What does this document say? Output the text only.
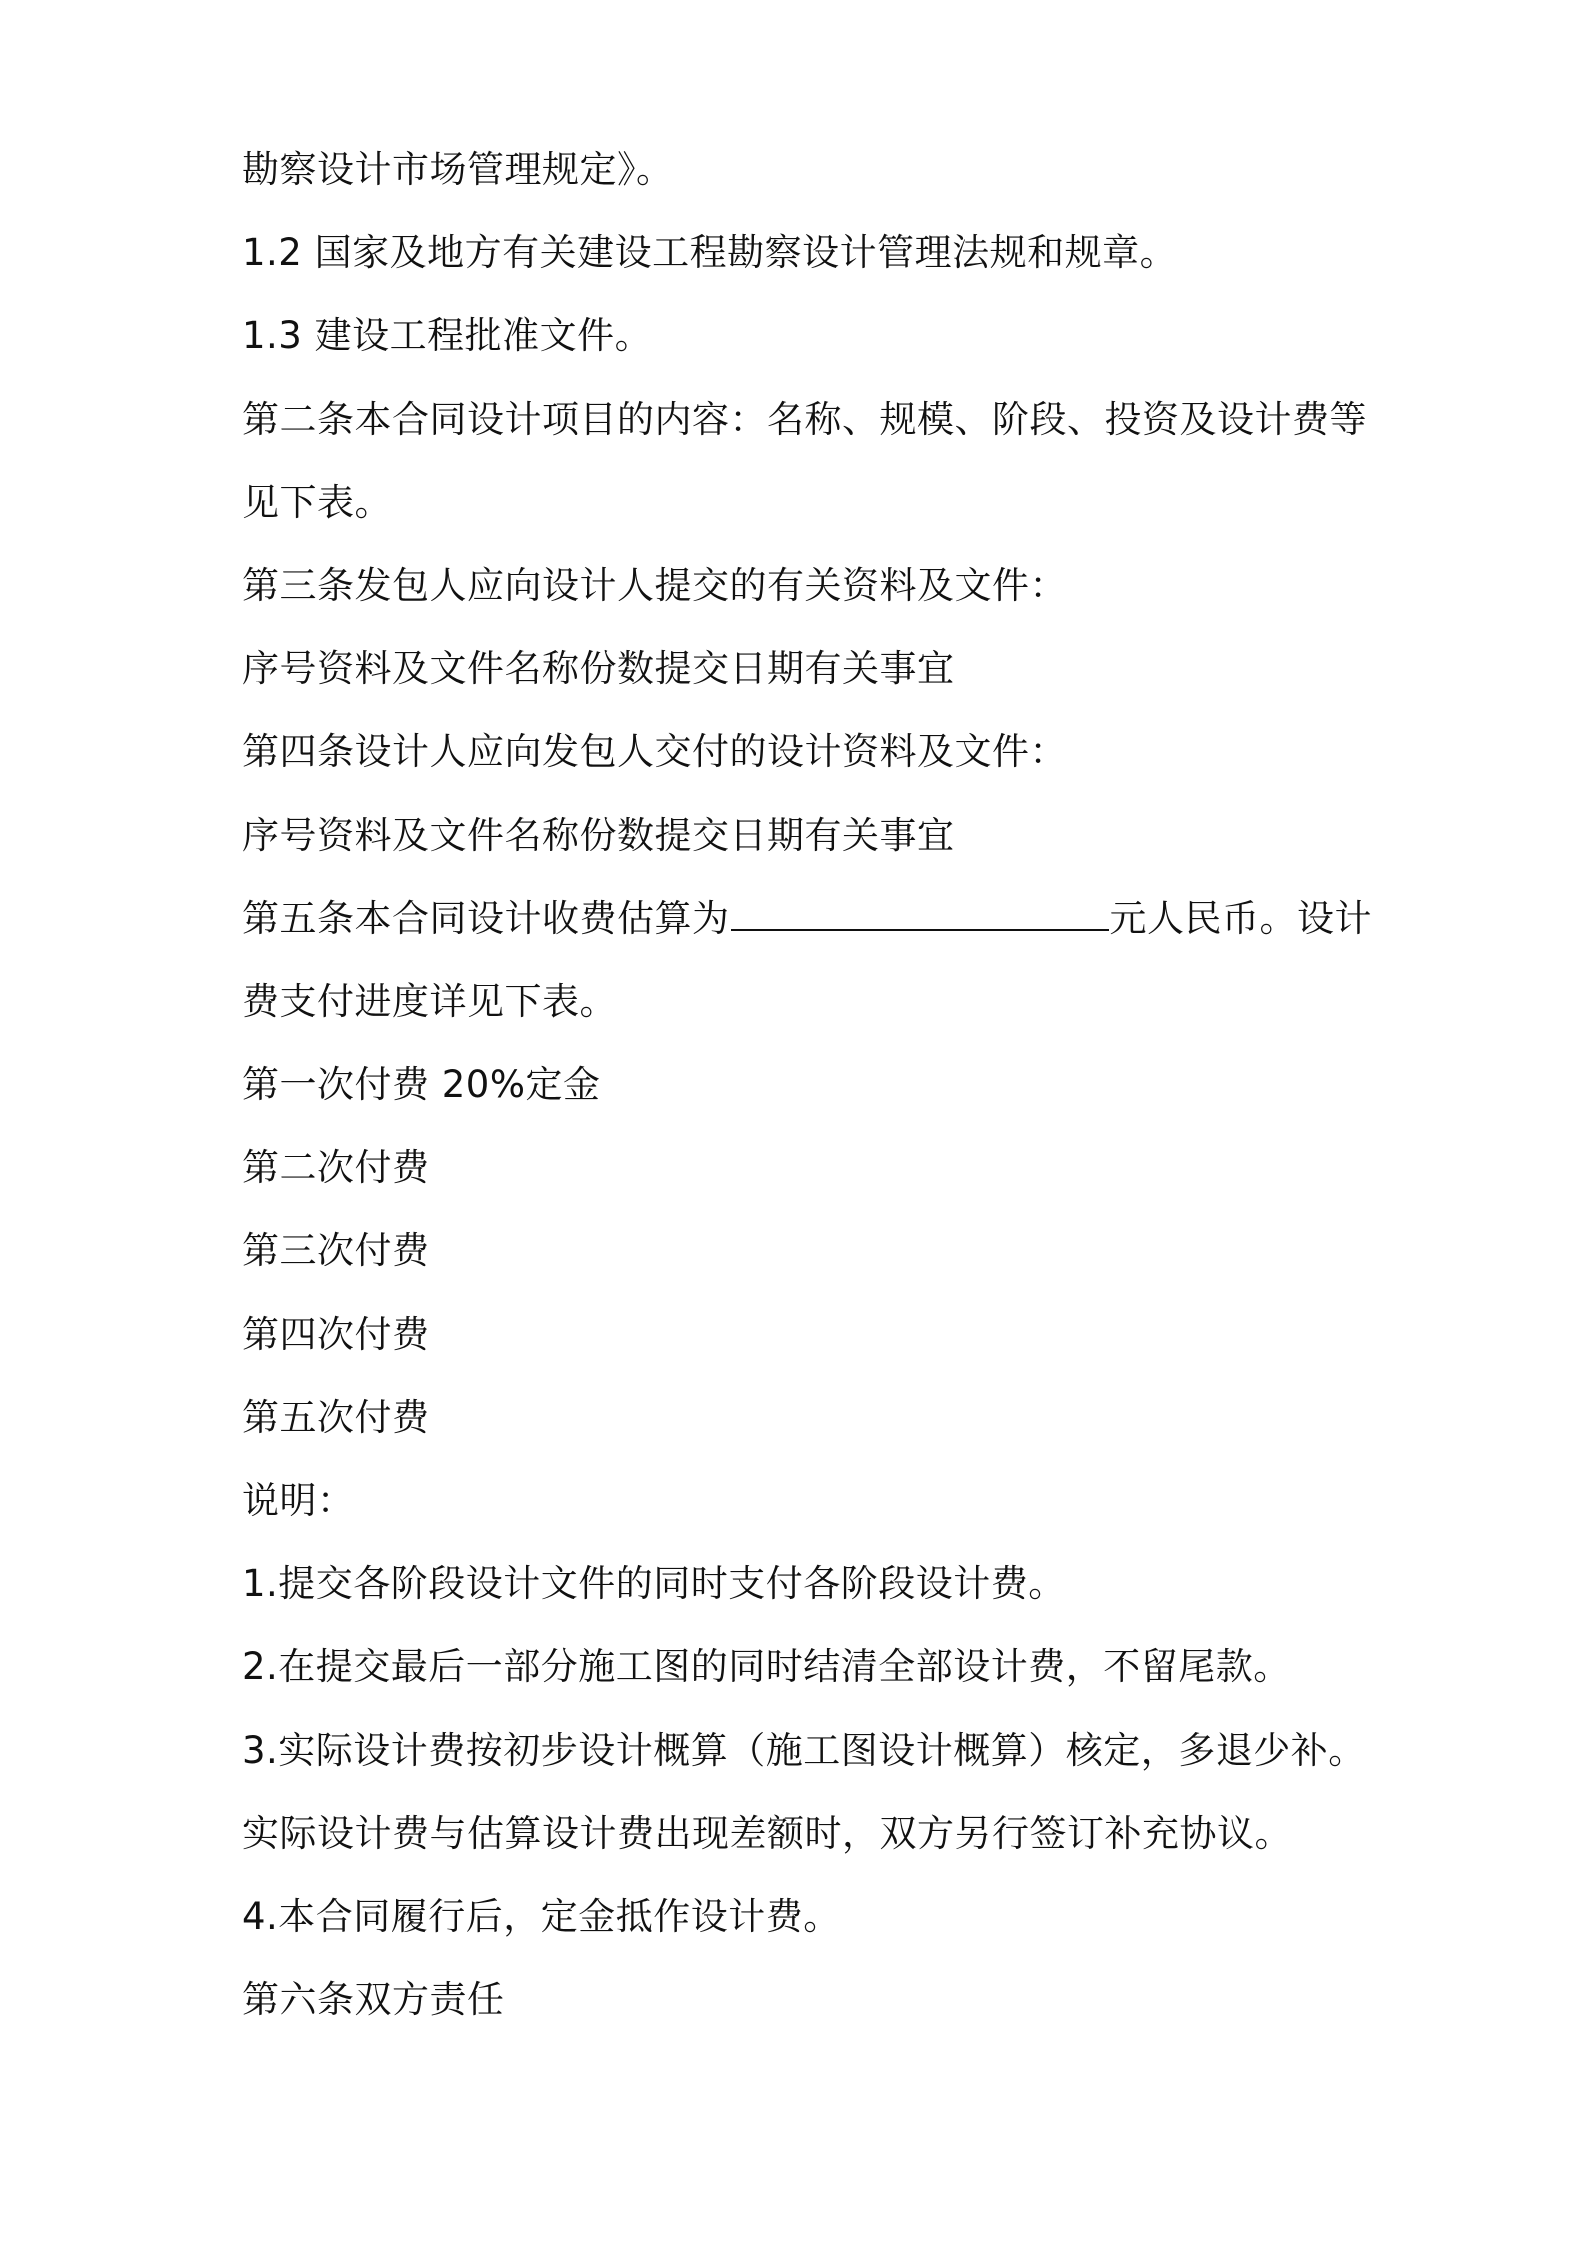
勘察设计市场管理规定》。

1.2 国家及地方有关建设工程勘察设计管理法规和规章。

1.3 建设工程批准文件。

第二条本合同设计项目的内容：名称、规模、阶段、投资及设计费等

见下表。

第三条发包人应向设计人提交的有关资料及文件：

序号资料及文件名称份数提交日期有关事宜

第四条设计人应向发包人交付的设计资料及文件：

序号资料及文件名称份数提交日期有关事宜

第五条本合同设计收费估算为	元人民币。设计

费支付进度详见下表。

第一次付费 20%定金

第二次付费

第三次付费

第四次付费

第五次付费

说明：

1.提交各阶段设计文件的同时支付各阶段设计费。

2.在提交最后一部分施工图的同时结清全部设计费，不留尾款。

3.实际设计费按初步设计概算（施工图设计概算）核定，多退少补。

实际设计费与估算设计费出现差额时，双方另行签订补充协议。

4.本合同履行后，定金抵作设计费。

第六条双方责任
